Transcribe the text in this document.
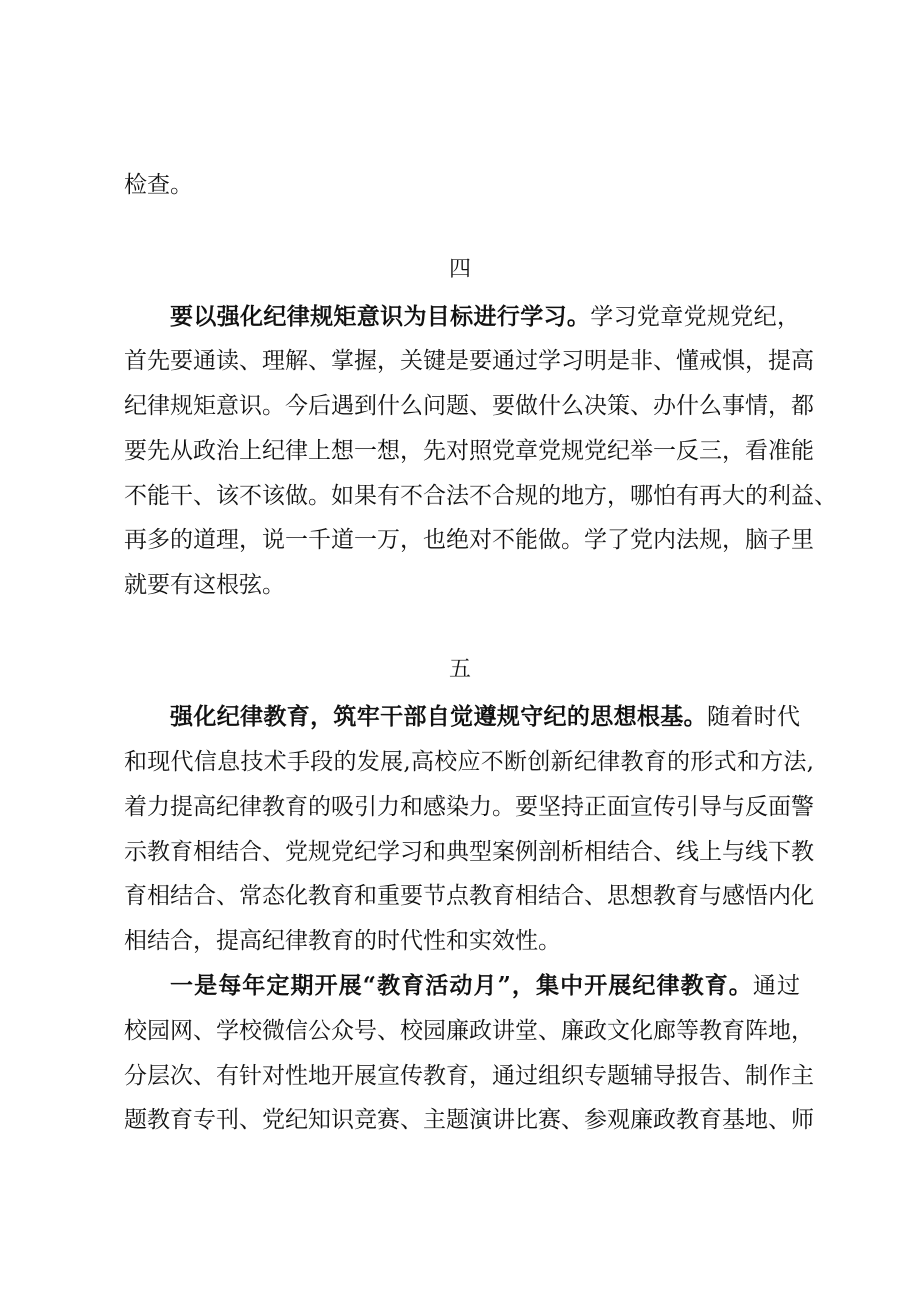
检查。
四
要以强化纪律规矩意识为目标进行学习。学习党章党规党纪，
首先要通读、理解、掌握，关键是要通过学习明是非、懂戒惧，提高
纪律规矩意识。今后遇到什么问题、要做什么决策、办什么事情，都
要先从政治上纪律上想一想，先对照党章党规党纪举一反三，看准能
不能干、该不该做。如果有不合法不合规的地方，哪怕有再大的利益、
再多的道理，说一千道一万，也绝对不能做。学了党内法规，脑子里
就要有这根弦。
五
强化纪律教育，筑牢干部自觉遵规守纪的思想根基。随着时代
和现代信息技术手段的发展,高校应不断创新纪律教育的形式和方法,
着力提高纪律教育的吸引力和感染力。要坚持正面宣传引导与反面警
示教育相结合、党规党纪学习和典型案例剖析相结合、线上与线下教
育相结合、常态化教育和重要节点教育相结合、思想教育与感悟内化
相结合，提高纪律教育的时代性和实效性。
一是每年定期开展“教育活动月”，集中开展纪律教育。通过
校园网、学校微信公众号、校园廉政讲堂、廉政文化廊等教育阵地，
分层次、有针对性地开展宣传教育，通过组织专题辅导报告、制作主
题教育专刊、党纪知识竞赛、主题演讲比赛、参观廉政教育基地、师
